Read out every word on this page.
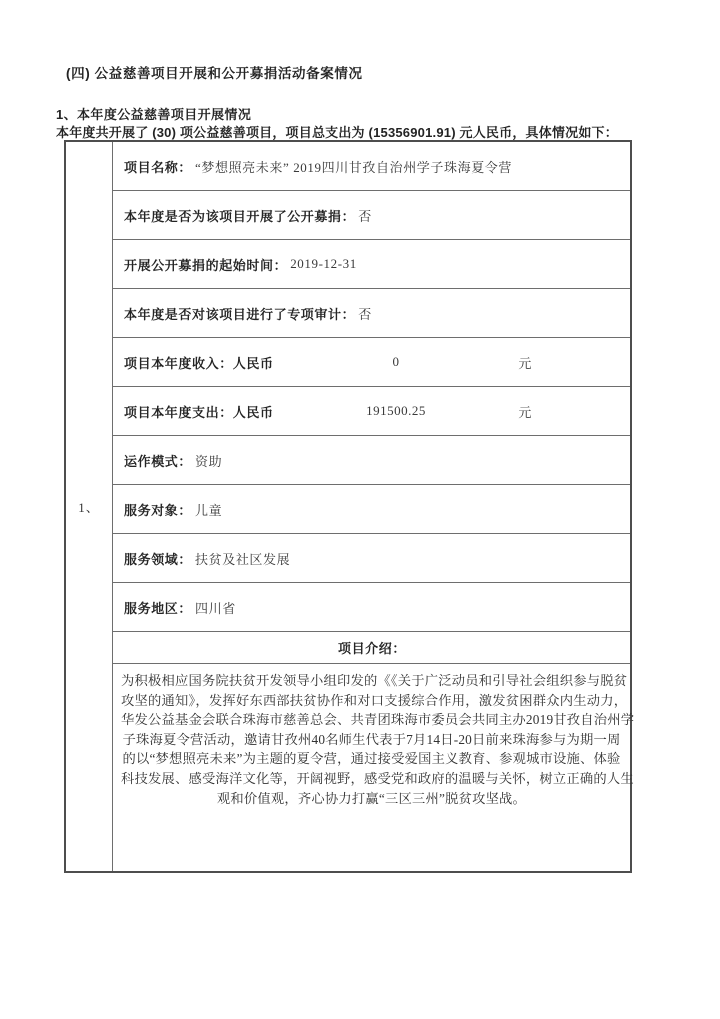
(四) 公益慈善项目开展和公开募捐活动备案情况
1、本年度公益慈善项目开展情况
本年度共开展了 (30) 项公益慈善项目，项目总支出为 (15356901.91) 元人民币，具体情况如下：
1、
项目名称： “梦想照亮未来” 2019四川甘孜自治州学子珠海夏令营
本年度是否为该项目开展了公开募捐： 否
开展公开募捐的起始时间： 2019-12-31
本年度是否对该项目进行了专项审计： 否
项目本年度收入：人民币	0	元
项目本年度支出：人民币	191500.25	元
运作模式： 资助
服务对象： 儿童
服务领域： 扶贫及社区发展
服务地区： 四川省
项目介绍：
为积极相应国务院扶贫开发领导小组印发的《《关于广泛动员和引导社会组织参与脱贫
攻坚的通知》，发挥好东西部扶贫协作和对口支援综合作用，激发贫困群众内生动力，
华发公益基金会联合珠海市慈善总会、共青团珠海市委员会共同主办2019甘孜自治州学
子珠海夏令营活动，邀请甘孜州40名师生代表于7月14日-20日前来珠海参与为期一周
的以“梦想照亮未来”为主题的夏令营，通过接受爱国主义教育、参观城市设施、体验
科技发展、感受海洋文化等，开阔视野，感受党和政府的温暖与关怀，树立正确的人生
观和价值观，齐心协力打赢“三区三州”脱贫攻坚战。
